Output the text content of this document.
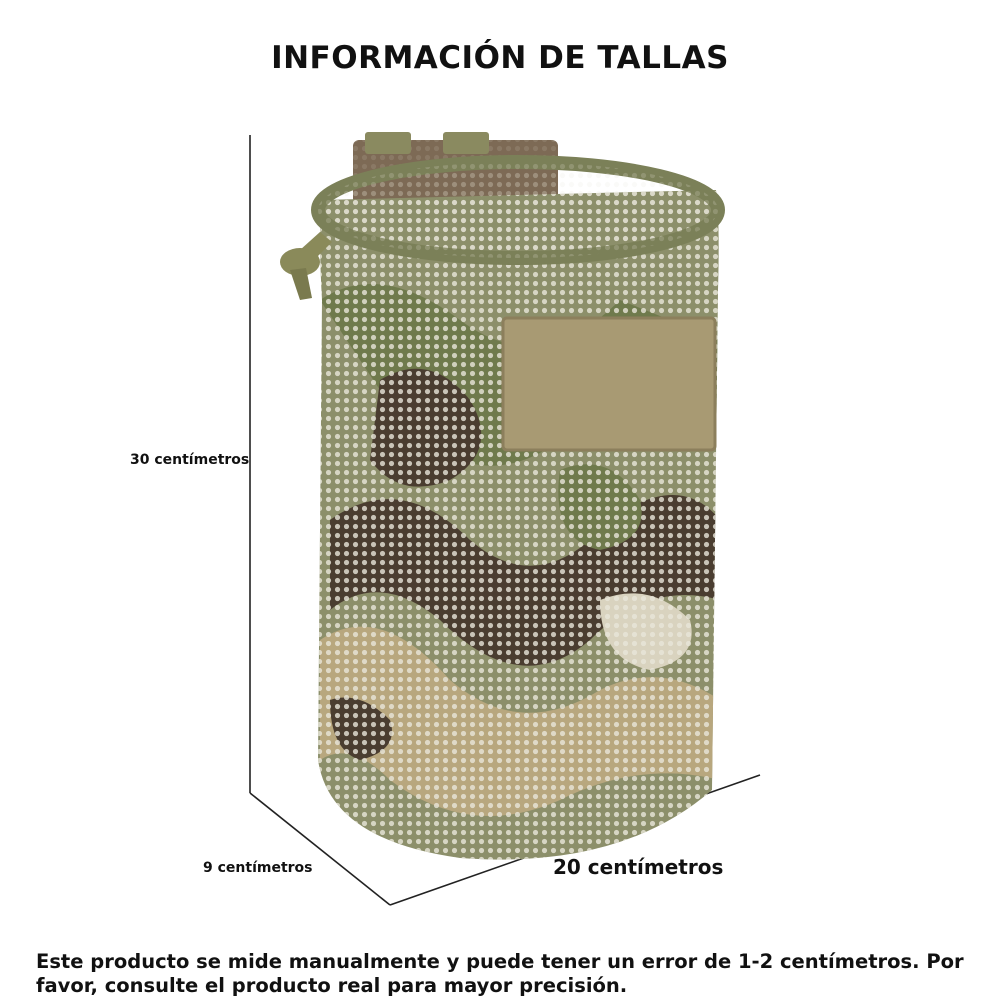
INFORMACIÓN DE TALLAS
30 centímetros
9 centímetros	20 centímetros
Este producto se mide manualmente y puede tener un error de 1-2 centímetros. Por favor, consulte el producto real para mayor precisión.
